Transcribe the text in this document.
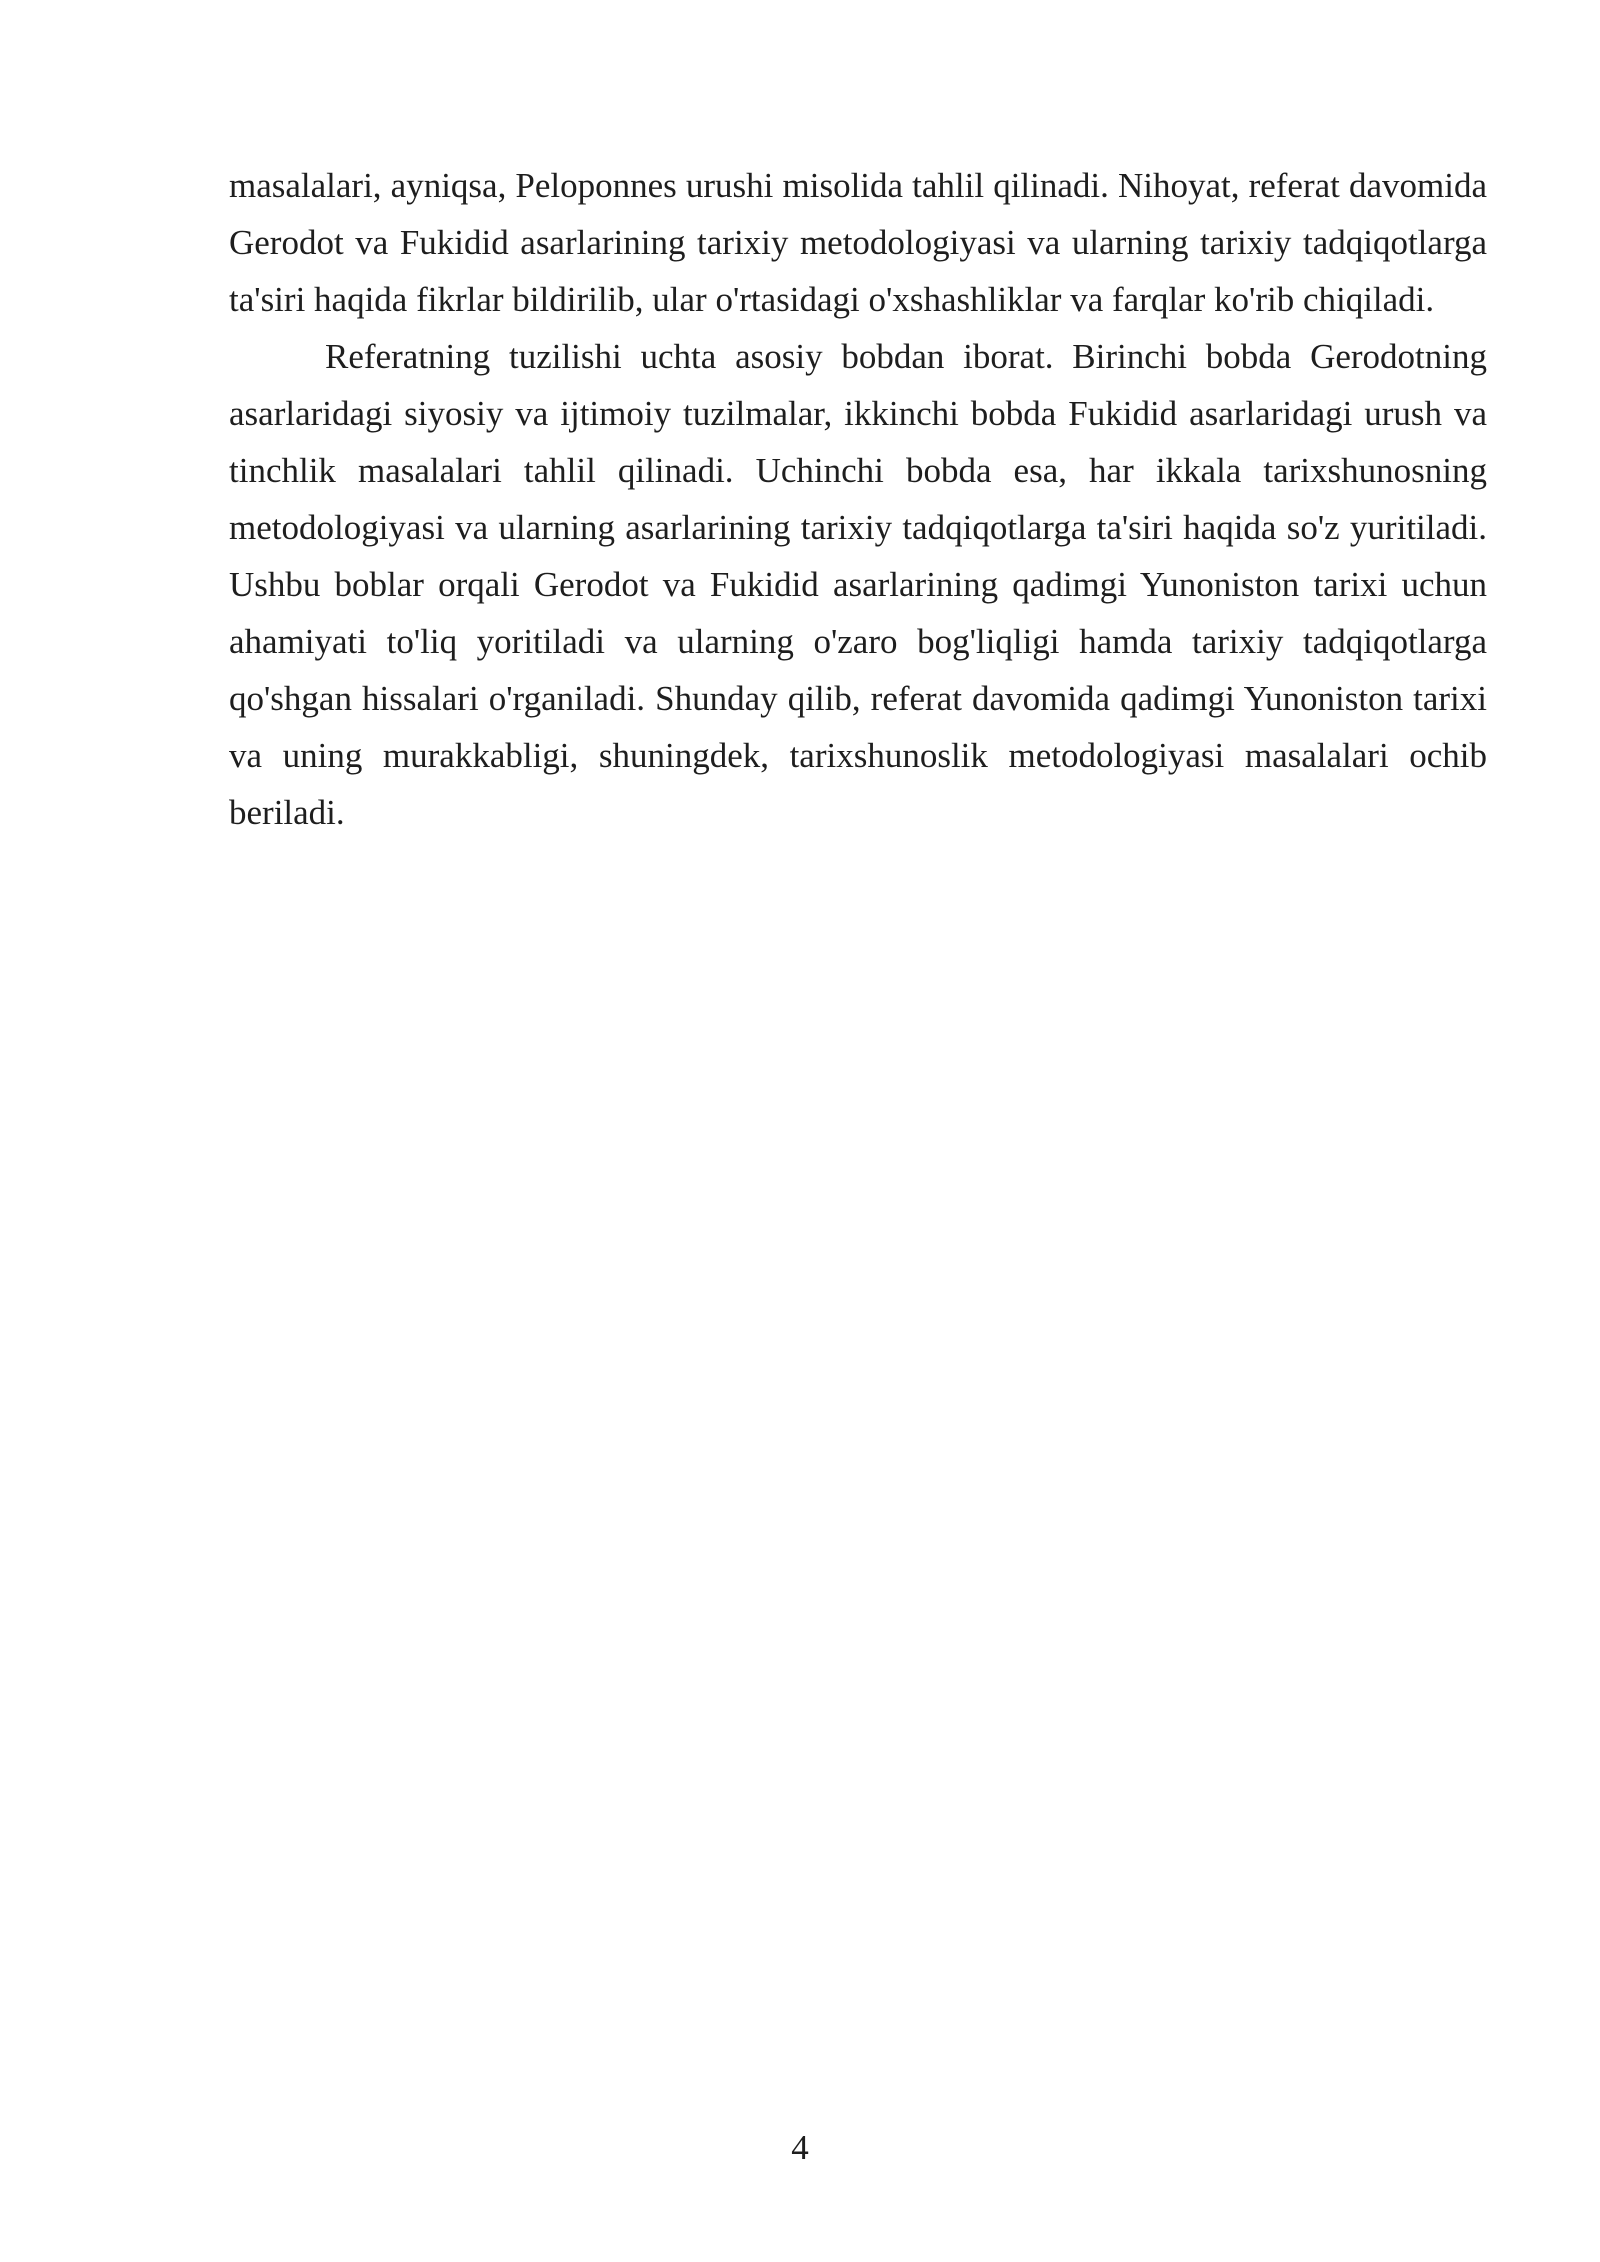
masalalari, ayniqsa, Peloponnes urushi misolida tahlil qilinadi. Nihoyat, referat davomida Gerodot va Fukidid asarlarining tarixiy metodologiyasi va ularning tarixiy tadqiqotlarga ta'siri haqida fikrlar bildirilib, ular o'rtasidagi o'xshashliklar va farqlar ko'rib chiqiladi.

Referatning tuzilishi uchta asosiy bobdan iborat. Birinchi bobda Gerodotning asarlaridagi siyosiy va ijtimoiy tuzilmalar, ikkinchi bobda Fukidid asarlaridagi urush va tinchlik masalalari tahlil qilinadi. Uchinchi bobda esa, har ikkala tarixshunosning metodologiyasi va ularning asarlarining tarixiy tadqiqotlarga ta'siri haqida so'z yuritiladi. Ushbu boblar orqali Gerodot va Fukidid asarlarining qadimgi Yunoniston tarixi uchun ahamiyati to'liq yoritiladi va ularning o'zaro bog'liqligi hamda tarixiy tadqiqotlarga qo'shgan hissalari o'rganiladi. Shunday qilib, referat davomida qadimgi Yunoniston tarixi va uning murakkabligi, shuningdek, tarixshunoslik metodologiyasi masalalari ochib beriladi.

4
